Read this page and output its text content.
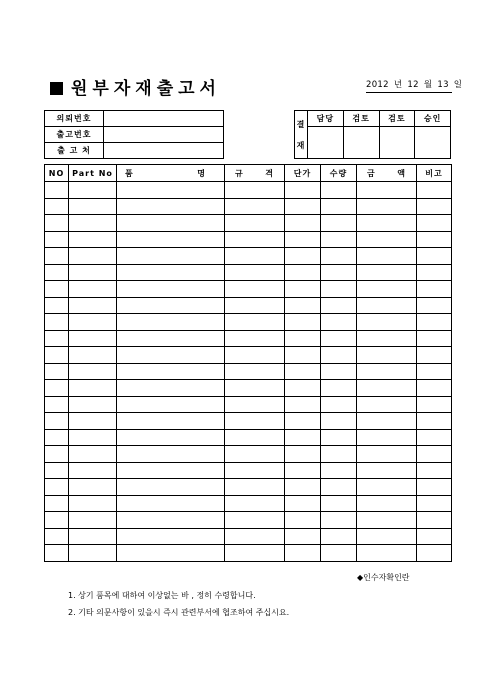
원부자재출고서	2012 년 12 월 13 일
의뢰번호	
출고번호	
출 고 처	
결
재	담당	검토	검토	승인

NO	Part No	품 명	규 격	단가	수량	금 액	비고

◆인수자확인란
1. 상기 품목에 대하여 이상없는 바 , 정히 수령합니다.
2. 기타 의문사항이 있을시 즉시 관련부서에 협조하여 주십시요.
